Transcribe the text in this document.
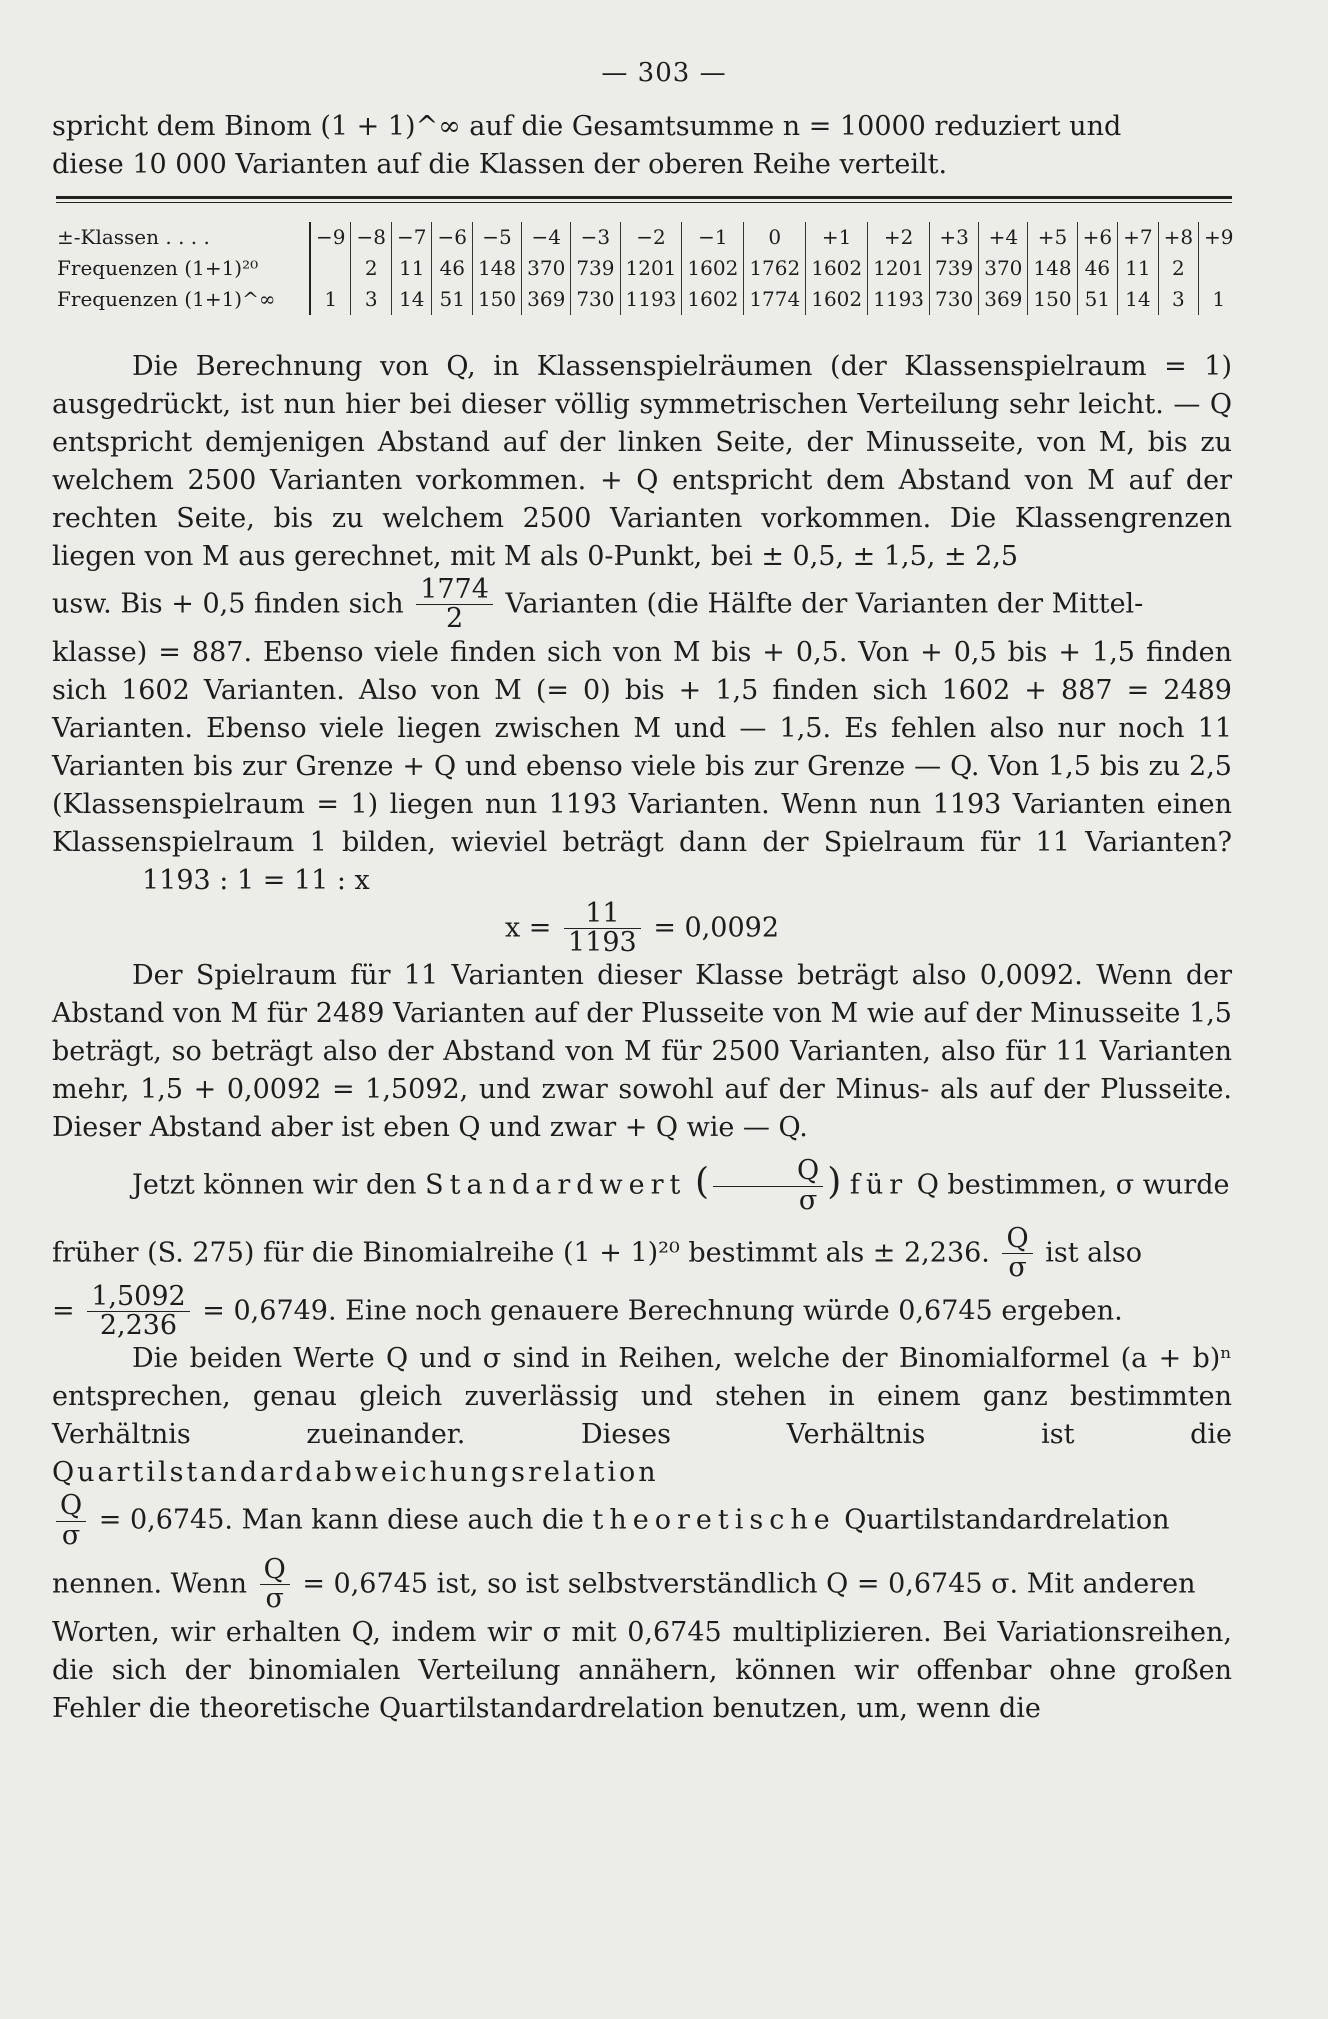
— 303 —

spricht dem Binom (1 + 1)^∞ auf die Gesamtsumme n = 10000 reduziert und

diese 10 000 Varianten auf die Klassen der oberen Reihe verteilt.

±-Klassen . . . .	−9	−8	−7	−6	−5	−4	−3	−2	−1	0	+1	+2	+3	+4	+5	+6	+7	+8	+9
Frequenzen (1+1)²⁰		2	11	46	148	370	739	1201	1602	1762	1602	1201	739	370	148	46	11	2	
Frequenzen (1+1)^∞	1	3	14	51	150	369	730	1193	1602	1774	1602	1193	730	369	150	51	14	3	1

Die Berechnung von Q, in Klassenspielräumen (der Klassenspielraum = 1) ausgedrückt, ist nun hier bei dieser völlig symmetrischen Verteilung sehr leicht. — Q entspricht demjenigen Abstand auf der linken Seite, der Minusseite, von M, bis zu welchem 2500 Varianten vorkommen. + Q entspricht dem Abstand von M auf der rechten Seite, bis zu welchem 2500 Varianten vorkommen. Die Klassengrenzen liegen von M aus gerechnet, mit M als 0-Punkt, bei ± 0,5, ± 1,5, ± 2,5

usw. Bis + 0,5 finden sich $\frac{1774}{2}$ Varianten (die Hälfte der Varianten der Mittel-

klasse) = 887. Ebenso viele finden sich von M bis + 0,5. Von + 0,5 bis + 1,5 finden sich 1602 Varianten. Also von M (= 0) bis + 1,5 finden sich 1602 + 887 = 2489 Varianten. Ebenso viele liegen zwischen M und — 1,5. Es fehlen also nur noch 11 Varianten bis zur Grenze + Q und ebenso viele bis zur Grenze — Q. Von 1,5 bis zu 2,5 (Klassenspielraum = 1) liegen nun 1193 Varianten. Wenn nun 1193 Varianten einen Klassenspielraum 1 bilden, wieviel beträgt dann der Spielraum für 11 Varianten? 1193 : 1 = 11 : x

$x = \frac{11}{1193} = 0,0092$

Der Spielraum für 11 Varianten dieser Klasse beträgt also 0,0092. Wenn der Abstand von M für 2489 Varianten auf der Plusseite von M wie auf der Minusseite 1,5 beträgt, so beträgt also der Abstand von M für 2500 Varianten, also für 11 Varianten mehr, 1,5 + 0,0092 = 1,5092, und zwar sowohl auf der Minus- als auf der Plusseite. Dieser Abstand aber ist eben Q und zwar + Q wie — Q.

Jetzt können wir den Standardwert ( $\frac{Q}{\sigma}$ ) für Q bestimmen, σ wurde

früher (S. 275) für die Binomialreihe (1 + 1)²⁰ bestimmt als ± 2,236. $\frac{Q}{\sigma}$ ist also

= $\frac{1,5092}{2,236} = 0,6749$. Eine noch genauere Berechnung würde 0,6745 ergeben.

Die beiden Werte Q und σ sind in Reihen, welche der Binomialformel (a + b)ⁿ entsprechen, genau gleich zuverlässig und stehen in einem ganz bestimmten Verhältnis zueinander. Dieses Verhältnis ist die Quartilstandardabweichungsrelation

$\frac{Q}{\sigma} = 0,6745$. Man kann diese auch die theoretische Quartilstandardrelation

nennen. Wenn $\frac{Q}{\sigma} = 0,6745$ ist, so ist selbstverständlich Q = 0,6745 σ. Mit anderen

Worten, wir erhalten Q, indem wir σ mit 0,6745 multiplizieren. Bei Variationsreihen, die sich der binomialen Verteilung annähern, können wir offenbar ohne großen Fehler die theoretische Quartilstandardrelation benutzen, um, wenn die
